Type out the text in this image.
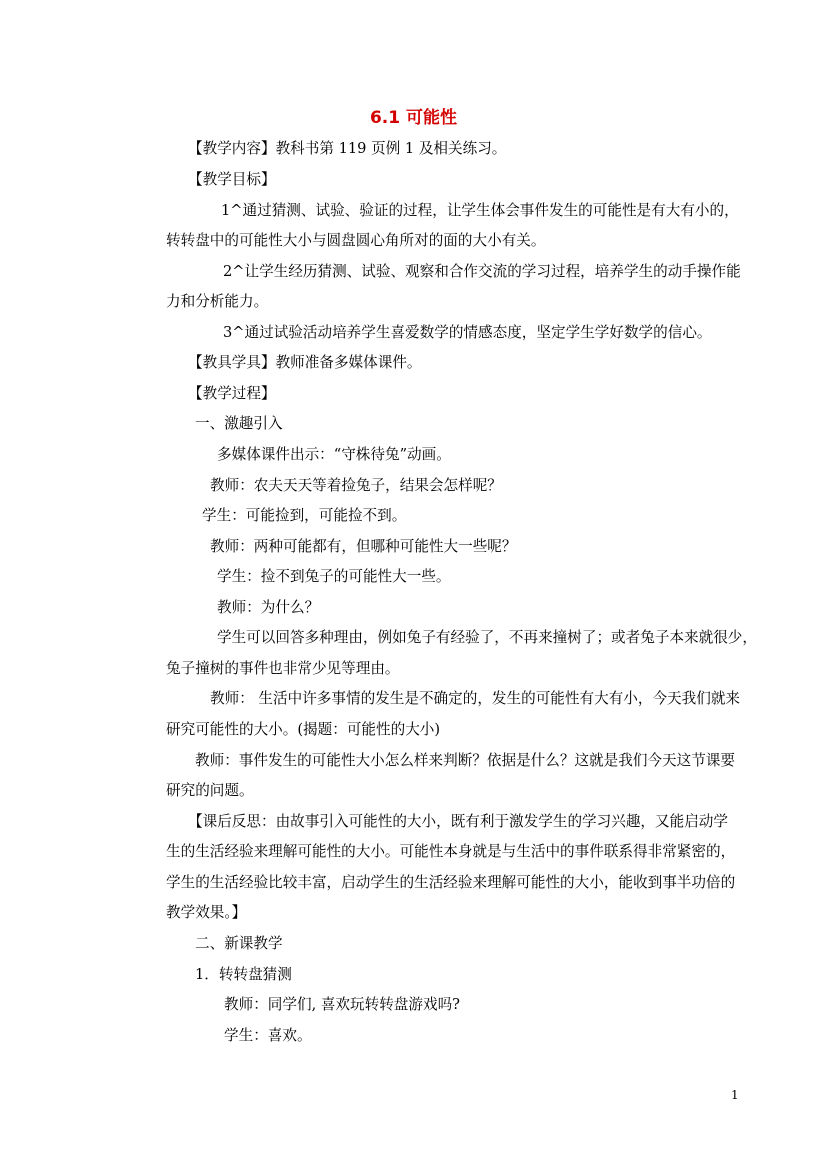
6.1 可能性
【教学内容】教科书第 119 页例 1 及相关练习。
【教学目标】
1^通过猜测、试验、验证的过程，让学生体会事件发生的可能性是有大有小的，
转转盘中的可能性大小与圆盘圆心角所对的面的大小有关。
2^让学生经历猜测、试验、观察和合作交流的学习过程，培养学生的动手操作能
力和分析能力。
3^通过试验活动培养学生喜爱数学的情感态度，坚定学生学好数学的信心。
【教具学具】教师准备多媒体课件。
【教学过程】
一、激趣引入
多媒体课件出示：“守株待兔”动画。
教师：农夫天天等着捡兔子，结果会怎样呢？
学生：可能捡到，可能捡不到。
教师：两种可能都有，但哪种可能性大一些呢？
学生：捡不到兔子的可能性大一些。
教师：为什么？
学生可以回答多种理由，例如兔子有经验了，不再来撞树了；或者兔子本来就很少，
兔子撞树的事件也非常少见等理由。
教师： 生活中许多事情的发生是不确定的，发生的可能性有大有小，今天我们就来
研究可能性的大小。(揭题：可能性的大小)
教师：事件发生的可能性大小怎么样来判断？依据是什么？这就是我们今天这节课要
研究的问题。
【课后反思：由故事引入可能性的大小，既有利于激发学生的学习兴趣，又能启动学
生的生活经验来理解可能性的大小。可能性本身就是与生活中的事件联系得非常紧密的，
学生的生活经验比较丰富，启动学生的生活经验来理解可能性的大小，能收到事半功倍的
教学效果。】
二、新课教学
1．转转盘猜测
教师：同学们, 喜欢玩转转盘游戏吗?
学生：喜欢。
1
